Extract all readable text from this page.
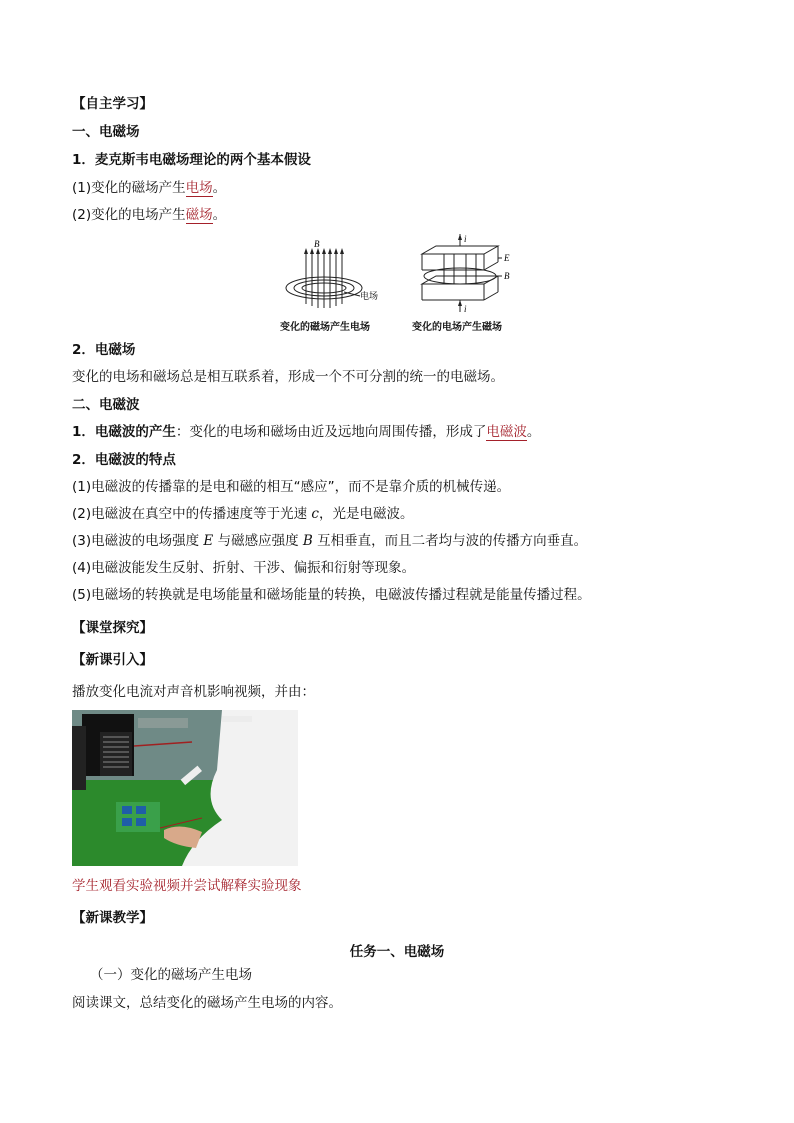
【自主学习】
一、电磁场
1．麦克斯韦电磁场理论的两个基本假设
(1)变化的磁场产生电场。
(2)变化的电场产生磁场。
B
电场
变化的磁场产生电场
i
i
E
B
变化的电场产生磁场
2．电磁场
变化的电场和磁场总是相互联系着，形成一个不可分割的统一的电磁场。
二、电磁波
1．电磁波的产生：变化的电场和磁场由近及远地向周围传播，形成了电磁波。
2．电磁波的特点
(1)电磁波的传播靠的是电和磁的相互“感应”，而不是靠介质的机械传递。
(2)电磁波在真空中的传播速度等于光速 c，光是电磁波。
(3)电磁波的电场强度 E 与磁感应强度 B 互相垂直，而且二者均与波的传播方向垂直。
(4)电磁波能发生反射、折射、干涉、偏振和衍射等现象。
(5)电磁场的转换就是电场能量和磁场能量的转换，电磁波传播过程就是能量传播过程。
【课堂探究】
【新课引入】
播放变化电流对声音机影响视频，并由：
学生观看实验视频并尝试解释实验现象
【新课教学】
任务一、电磁场
（一）变化的磁场产生电场
阅读课文，总结变化的磁场产生电场的内容。
